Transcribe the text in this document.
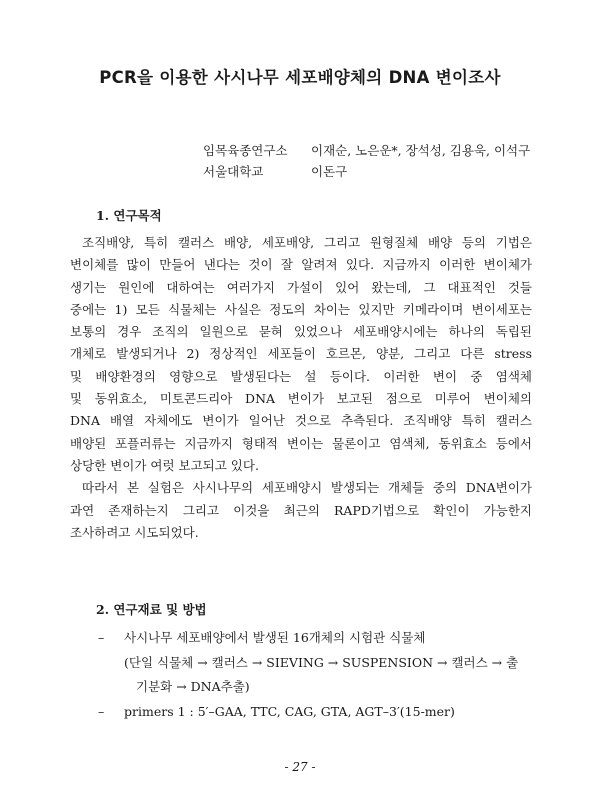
PCR을 이용한 사시나무 세포배양체의 DNA 변이조사
임목육종연구소 이재순, 노은운*, 장석성, 김용욱, 이석구
서울대학교	이돈구
1. 연구목적
조직배양, 특히 캘러스 배양, 세포배양, 그리고 원형질체 배양 등의 기법은
변이체를 많이 만들어 낸다는 것이 잘 알려져 있다. 지금까지 이러한 변이체가
생기는 원인에 대하여는 여러가지 가설이 있어 왔는데, 그 대표적인 것들
중에는 1) 모든 식물체는 사실은 정도의 차이는 있지만 키메라이며 변이세포는
보통의 경우 조직의 일원으로 묻혀 있었으나 세포배양시에는 하나의 독립된
개체로 발생되거나 2) 정상적인 세포들이 호르몬, 양분, 그리고 다른 stress
및 배양환경의 영향으로 발생된다는 설 등이다. 이러한 변이 중 염색체
및 동위효소, 미토콘드리아 DNA 변이가 보고된 점으로 미루어 변이체의
DNA 배열 자체에도 변이가 일어난 것으로 추측된다. 조직배양 특히 캘러스
배양된 포플러류는 지금까지 형태적 변이는 물론이고 염색체, 동위효소 등에서
상당한 변이가 여럿 보고되고 있다.
따라서 본 실험은 사시나무의 세포배양시 발생되는 개체들 중의 DNA변이가
과연 존재하는지 그리고 이것을 최근의 RAPD기법으로 확인이 가능한지
조사하려고 시도되었다.
2. 연구재료 및 방법
– 사시나무 세포배양에서 발생된 16개체의 시험관 식물체
(단일 식물체 → 캘러스 → SIEVING → SUSPENSION → 캘러스 → 출
기분화 → DNA추출)
– primers 1 : 5′–GAA, TTC, CAG, GTA, AGT–3′(15-mer)
- 27 -
